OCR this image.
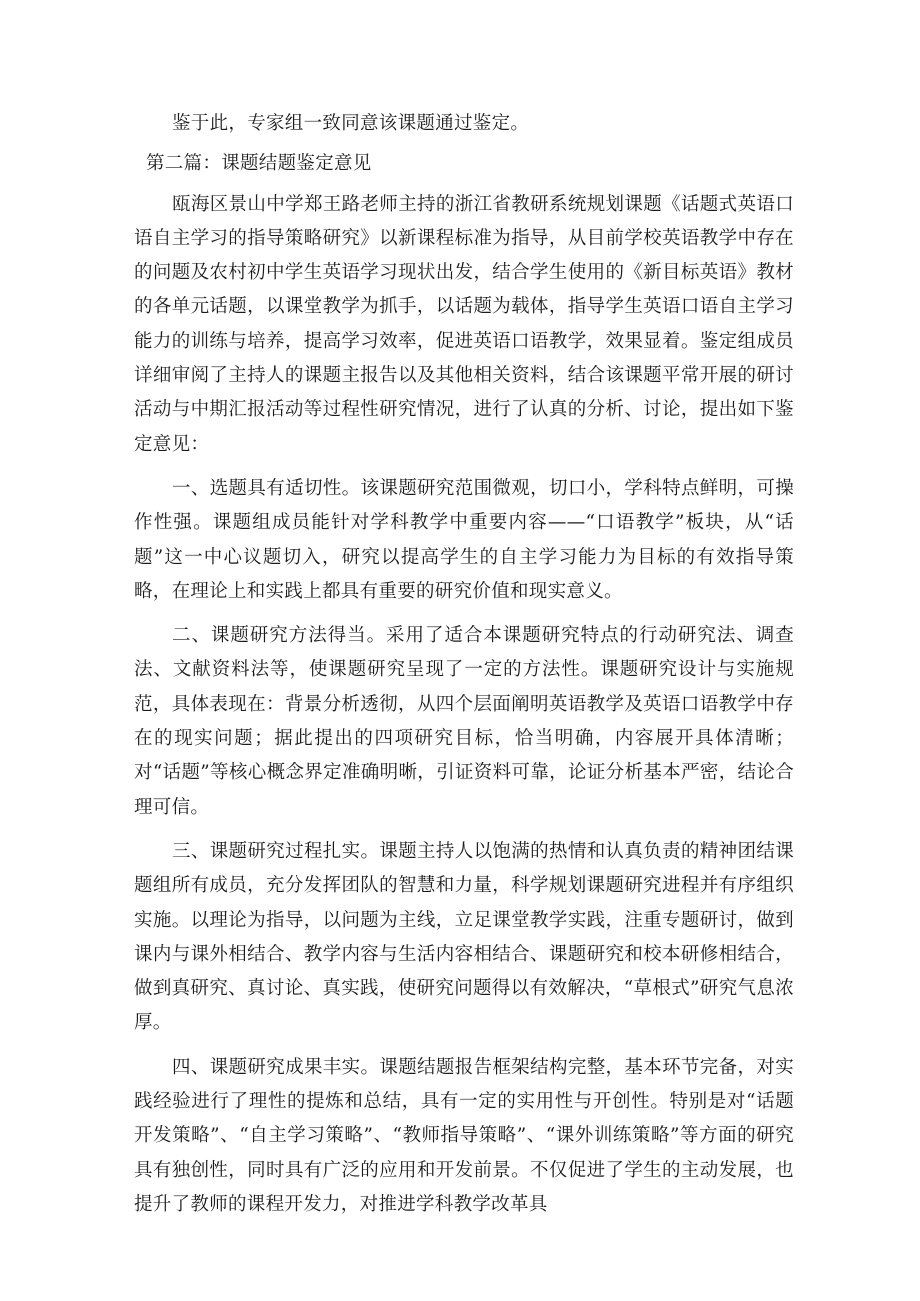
鉴于此，专家组一致同意该课题通过鉴定。

第二篇：课题结题鉴定意见

瓯海区景山中学郑王路老师主持的浙江省教研系统规划课题《话题式英语口语自主学习的指导策略研究》以新课程标准为指导，从目前学校英语教学中存在的问题及农村初中学生英语学习现状出发，结合学生使用的《新目标英语》教材的各单元话题，以课堂教学为抓手，以话题为载体，指导学生英语口语自主学习能力的训练与培养，提高学习效率，促进英语口语教学，效果显着。鉴定组成员详细审阅了主持人的课题主报告以及其他相关资料，结合该课题平常开展的研讨活动与中期汇报活动等过程性研究情况，进行了认真的分析、讨论，提出如下鉴定意见：

一、选题具有适切性。该课题研究范围微观，切口小，学科特点鲜明，可操作性强。课题组成员能针对学科教学中重要内容——“口语教学”板块，从“话题”这一中心议题切入，研究以提高学生的自主学习能力为目标的有效指导策略，在理论上和实践上都具有重要的研究价值和现实意义。

二、课题研究方法得当。采用了适合本课题研究特点的行动研究法、调查法、文献资料法等，使课题研究呈现了一定的方法性。课题研究设计与实施规范，具体表现在：背景分析透彻，从四个层面阐明英语教学及英语口语教学中存在的现实问题；据此提出的四项研究目标，恰当明确，内容展开具体清晰；对“话题”等核心概念界定准确明晰，引证资料可靠，论证分析基本严密，结论合理可信。

三、课题研究过程扎实。课题主持人以饱满的热情和认真负责的精神团结课题组所有成员，充分发挥团队的智慧和力量，科学规划课题研究进程并有序组织实施。以理论为指导，以问题为主线，立足课堂教学实践，注重专题研讨，做到课内与课外相结合、教学内容与生活内容相结合、课题研究和校本研修相结合，做到真研究、真讨论、真实践，使研究问题得以有效解决，“草根式”研究气息浓厚。

四、课题研究成果丰实。课题结题报告框架结构完整，基本环节完备，对实践经验进行了理性的提炼和总结，具有一定的实用性与开创性。特别是对“话题开发策略”、“自主学习策略”、“教师指导策略”、“课外训练策略”等方面的研究具有独创性，同时具有广泛的应用和开发前景。不仅促进了学生的主动发展，也提升了教师的课程开发力，对推进学科教学改革具
